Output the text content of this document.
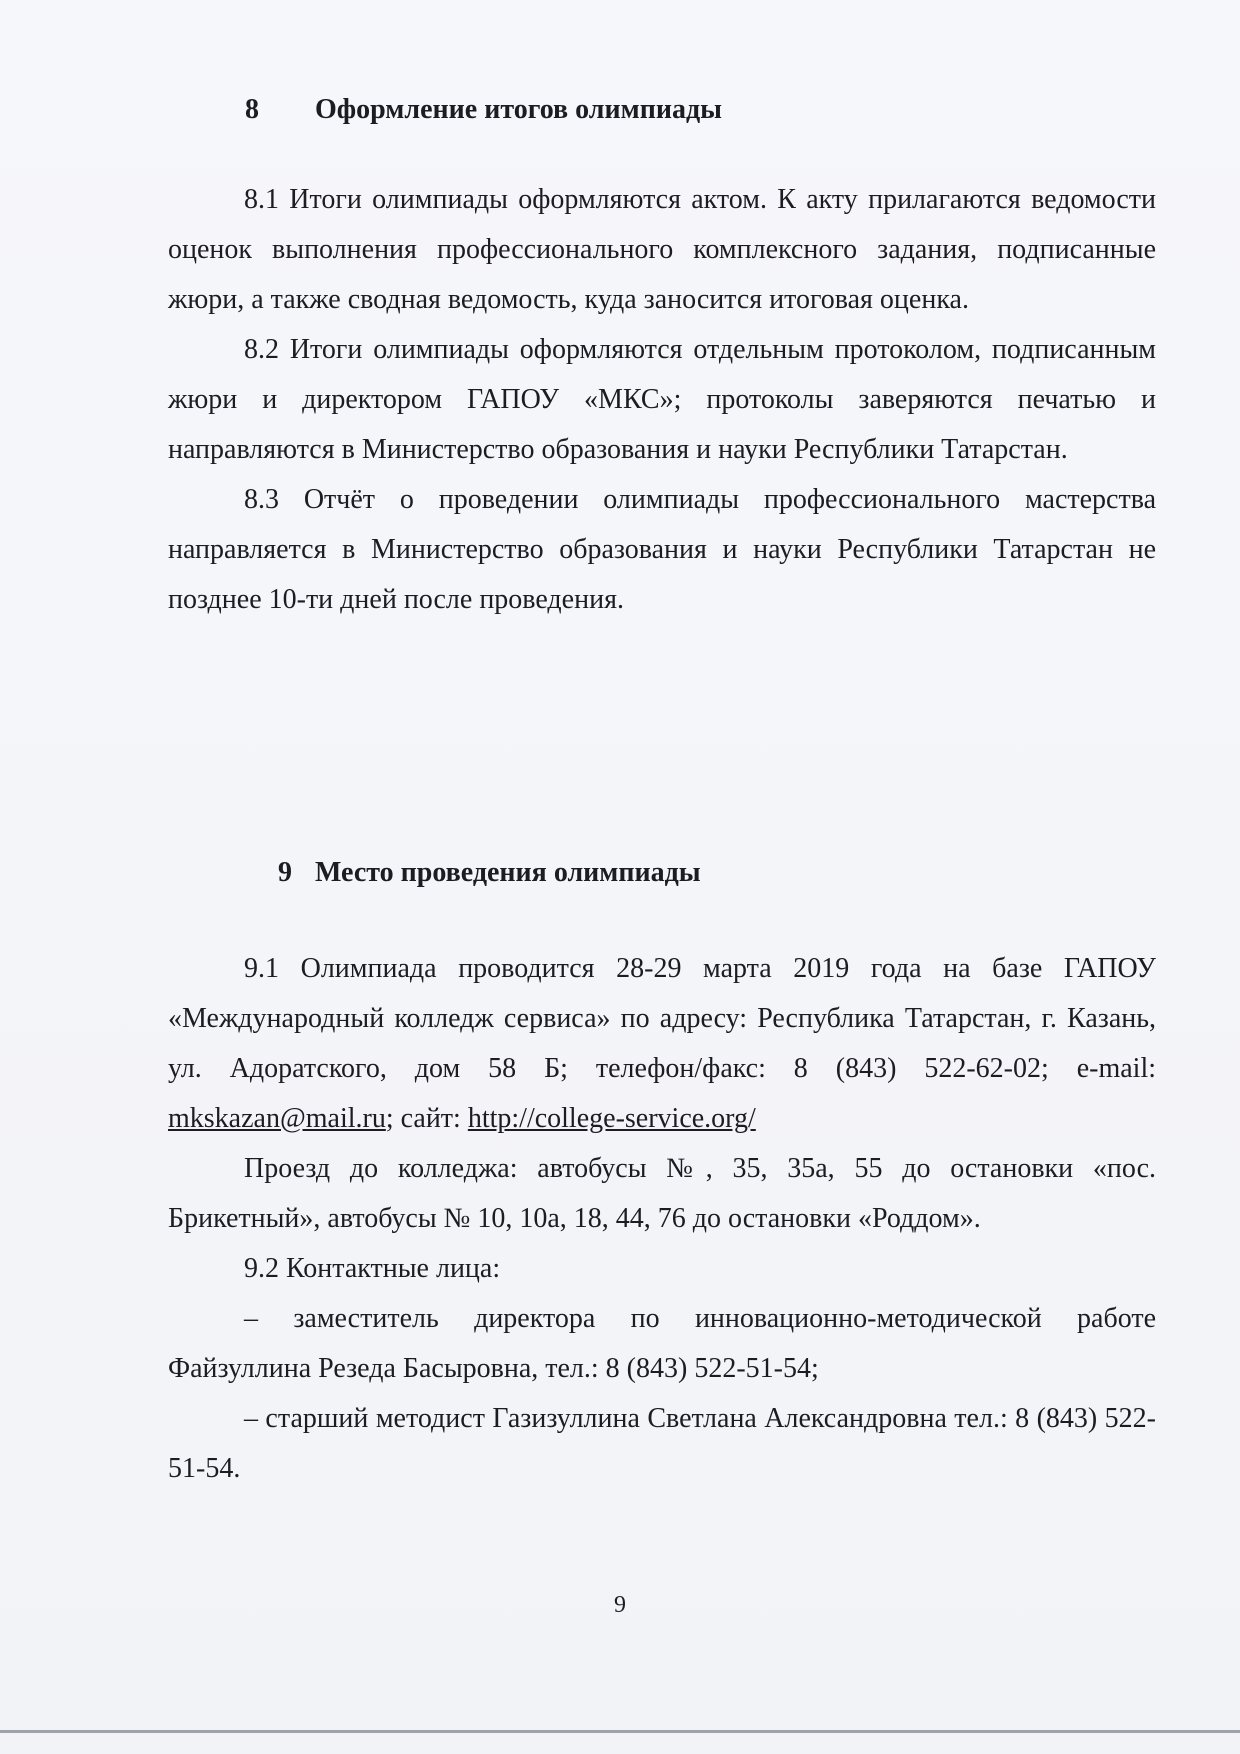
8 Оформление итогов олимпиады

8.1 Итоги олимпиады оформляются актом. К акту прилагаются ведомости оценок выполнения профессионального комплексного задания, подписанные жюри, а также сводная ведомость, куда заносится итоговая оценка.

8.2 Итоги олимпиады оформляются отдельным протоколом, подписанным жюри и директором ГАПОУ «МКС»; протоколы заверяются печатью и направляются в Министерство образования и науки Республики Татарстан.

8.3 Отчёт о проведении олимпиады профессионального мастерства направляется в Министерство образования и науки Республики Татарстан не позднее 10-ти дней после проведения.

9 Место проведения олимпиады

9.1 Олимпиада проводится 28-29 марта 2019 года на базе ГАПОУ «Международный колледж сервиса» по адресу: Республика Татарстан, г. Казань, ул. Адоратского, дом 58 Б; телефон/факс: 8 (843) 522-62-02; e-mail: mkskazan@mail.ru; сайт: http://college-service.org/

Проезд до колледжа: автобусы №, 35, 35а, 55 до остановки «пос. Брикетный», автобусы № 10, 10а, 18, 44, 76 до остановки «Роддом».

9.2 Контактные лица:

– заместитель директора по инновационно-методической работе Файзуллина Резеда Басыровна, тел.: 8 (843) 522-51-54;

– старший методист Газизуллина Светлана Александровна тел.: 8 (843) 522-51-54.

9
